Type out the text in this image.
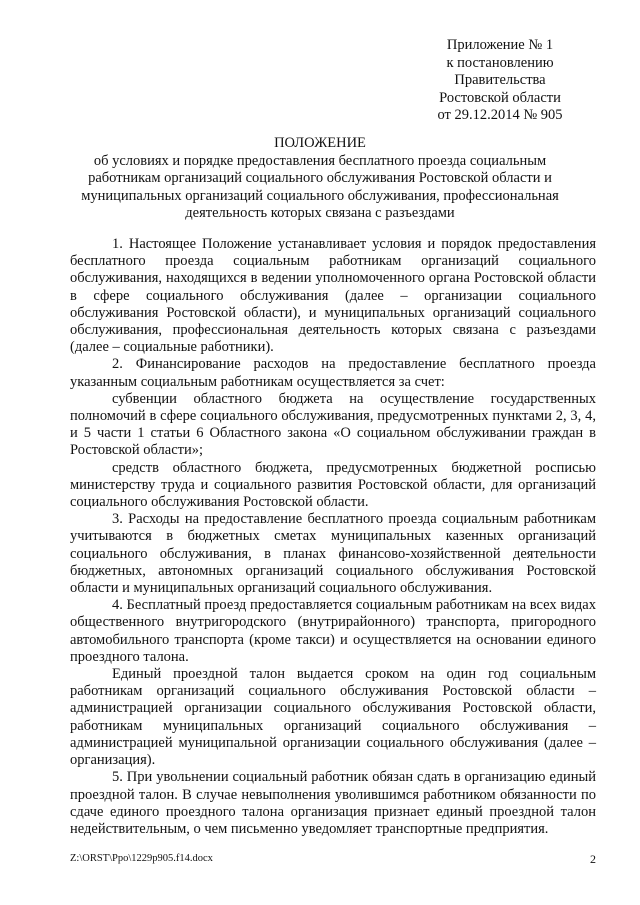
Приложение № 1
к постановлению
Правительства
Ростовской области
от 29.12.2014 № 905
ПОЛОЖЕНИЕ
об условиях и порядке предоставления бесплатного проезда социальным
работникам организаций социального обслуживания Ростовской области и
муниципальных организаций социального обслуживания, профессиональная
деятельность которых связана с разъездами

1. Настоящее Положение устанавливает условия и порядок предоставления бесплатного проезда социальным работникам организаций социального обслуживания, находящихся в ведении уполномоченного органа Ростовской области в сфере социального обслуживания (далее – организации социального обслуживания Ростовской области), и муниципальных организаций социального обслуживания, профессиональная деятельность которых связана с разъездами (далее – социальные работники).

2. Финансирование расходов на предоставление бесплатного проезда указанным социальным работникам осуществляется за счет:

субвенции областного бюджета на осуществление государственных полномочий в сфере социального обслуживания, предусмотренных пунктами 2, 3, 4, и 5 части 1 статьи 6 Областного закона «О социальном обслуживании граждан в Ростовской области»;

средств областного бюджета, предусмотренных бюджетной росписью министерству труда и социального развития Ростовской области, для организаций социального обслуживания Ростовской области.

3. Расходы на предоставление бесплатного проезда социальным работникам учитываются в бюджетных сметах муниципальных казенных организаций социального обслуживания, в планах финансово-хозяйственной деятельности бюджетных, автономных организаций социального обслуживания Ростовской области и муниципальных организаций социального обслуживания.

4. Бесплатный проезд предоставляется социальным работникам на всех видах общественного внутригородского (внутрирайонного) транспорта, пригородного автомобильного транспорта (кроме такси) и осуществляется на основании единого проездного талона.

Единый проездной талон выдается сроком на один год социальным работникам организаций социального обслуживания Ростовской области – администрацией организации социального обслуживания Ростовской области, работникам муниципальных организаций социального обслуживания – администрацией муниципальной организации социального обслуживания (далее – организация).

5. При увольнении социальный работник обязан сдать в организацию единый проездной талон. В случае невыполнения уволившимся работником обязанности по сдаче единого проездного талона организация признает единый проездной талон недействительным, о чем письменно уведомляет транспортные предприятия.

Z:\ORST\Ppo\1229p905.f14.docx	2
